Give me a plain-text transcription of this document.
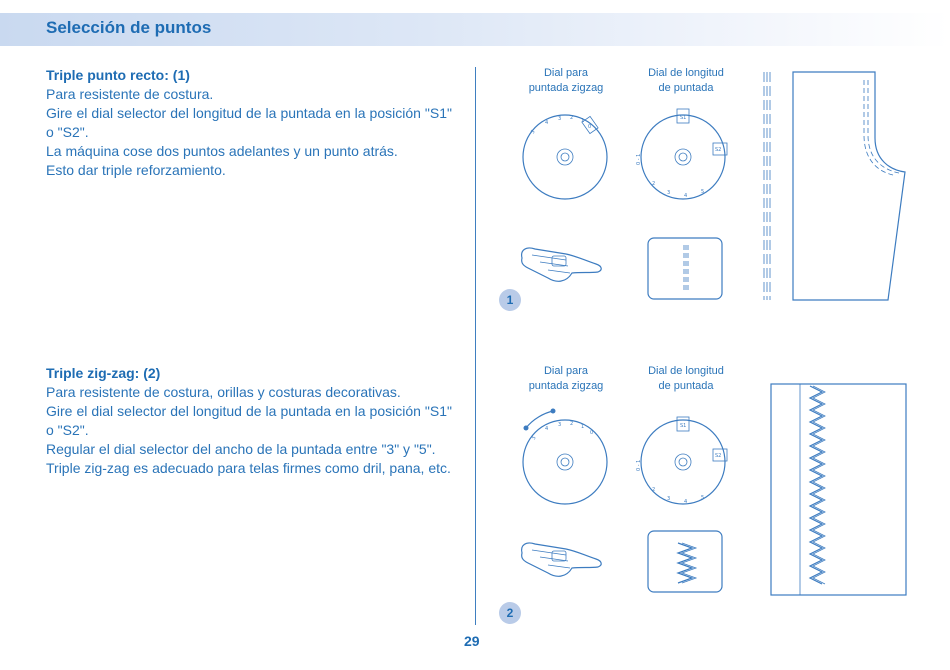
Selección de puntos
Triple punto recto: (1)

Para resistente de costura.

Gire el dial selector del longitud de la puntada en la posición "S1" o "S2".

La máquina cose dos puntos adelantes y un punto atrás.

Esto dar triple reforzamiento.

Triple zig-zag: (2)

Para resistente de costura, orillas y costuras decorativas.

Gire el dial selector del longitud de la puntada en la posición "S1" o "S2".

Regular el dial selector del ancho de la puntada entre "3" y "5".

Triple zig-zag es adecuado para telas firmes como dril, pana, etc.

Dial para
puntada zigzag
Dial de longitud
de puntada
1
Dial para
puntada zigzag
Dial de longitud
de puntada
2
5
4
3 2 1
0
S1
S2
0 - 1
2
3	4
5
5
4
3 2 1
0
S1
S2
0 - 1
2
3	4
5
29
